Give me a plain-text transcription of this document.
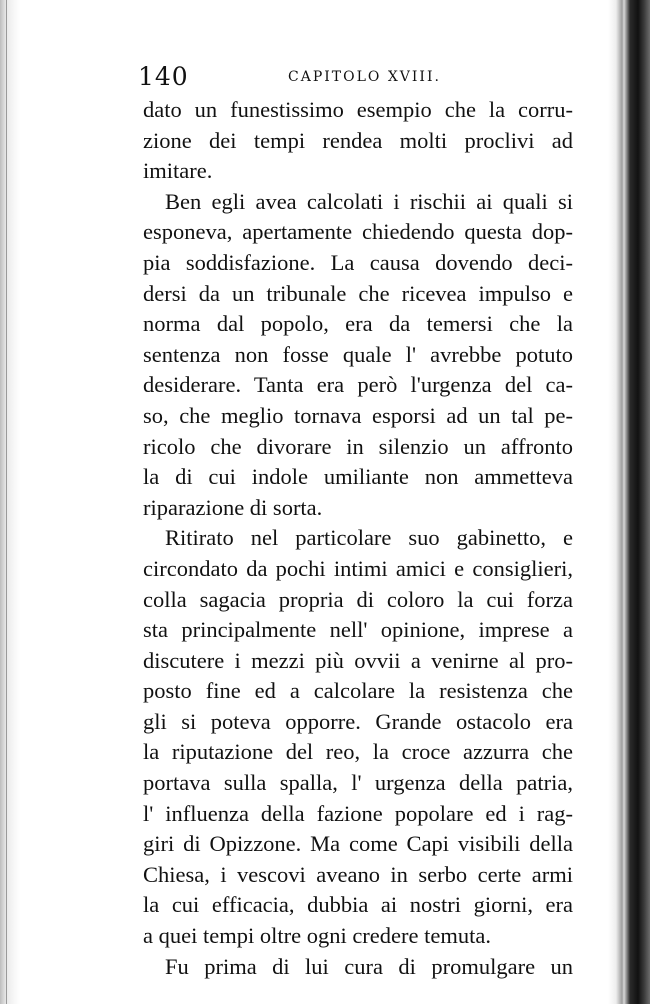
140	CAPITOLO XVIII.
dato un funestissimo esempio che la corru-
zione dei tempi rendea molti proclivi ad
imitare.
Ben egli avea calcolati i rischii ai quali si
esponeva, apertamente chiedendo questa dop-
pia soddisfazione. La causa dovendo deci-
dersi da un tribunale che ricevea impulso e
norma dal popolo, era da temersi che la
sentenza non fosse quale l' avrebbe potuto
desiderare. Tanta era però l'urgenza del ca-
so, che meglio tornava esporsi ad un tal pe-
ricolo che divorare in silenzio un affronto
la di cui indole umiliante non ammetteva
riparazione di sorta.
Ritirato nel particolare suo gabinetto, e
circondato da pochi intimi amici e consiglieri,
colla sagacia propria di coloro la cui forza
sta principalmente nell' opinione, imprese a
discutere i mezzi più ovvii a venirne al pro-
posto fine ed a calcolare la resistenza che
gli si poteva opporre. Grande ostacolo era
la riputazione del reo, la croce azzurra che
portava sulla spalla, l' urgenza della patria,
l' influenza della fazione popolare ed i rag-
giri di Opizzone. Ma come Capi visibili della
Chiesa, i vescovi aveano in serbo certe armi
la cui efficacia, dubbia ai nostri giorni, era
a quei tempi oltre ogni credere temuta.
Fu prima di lui cura di promulgare un
